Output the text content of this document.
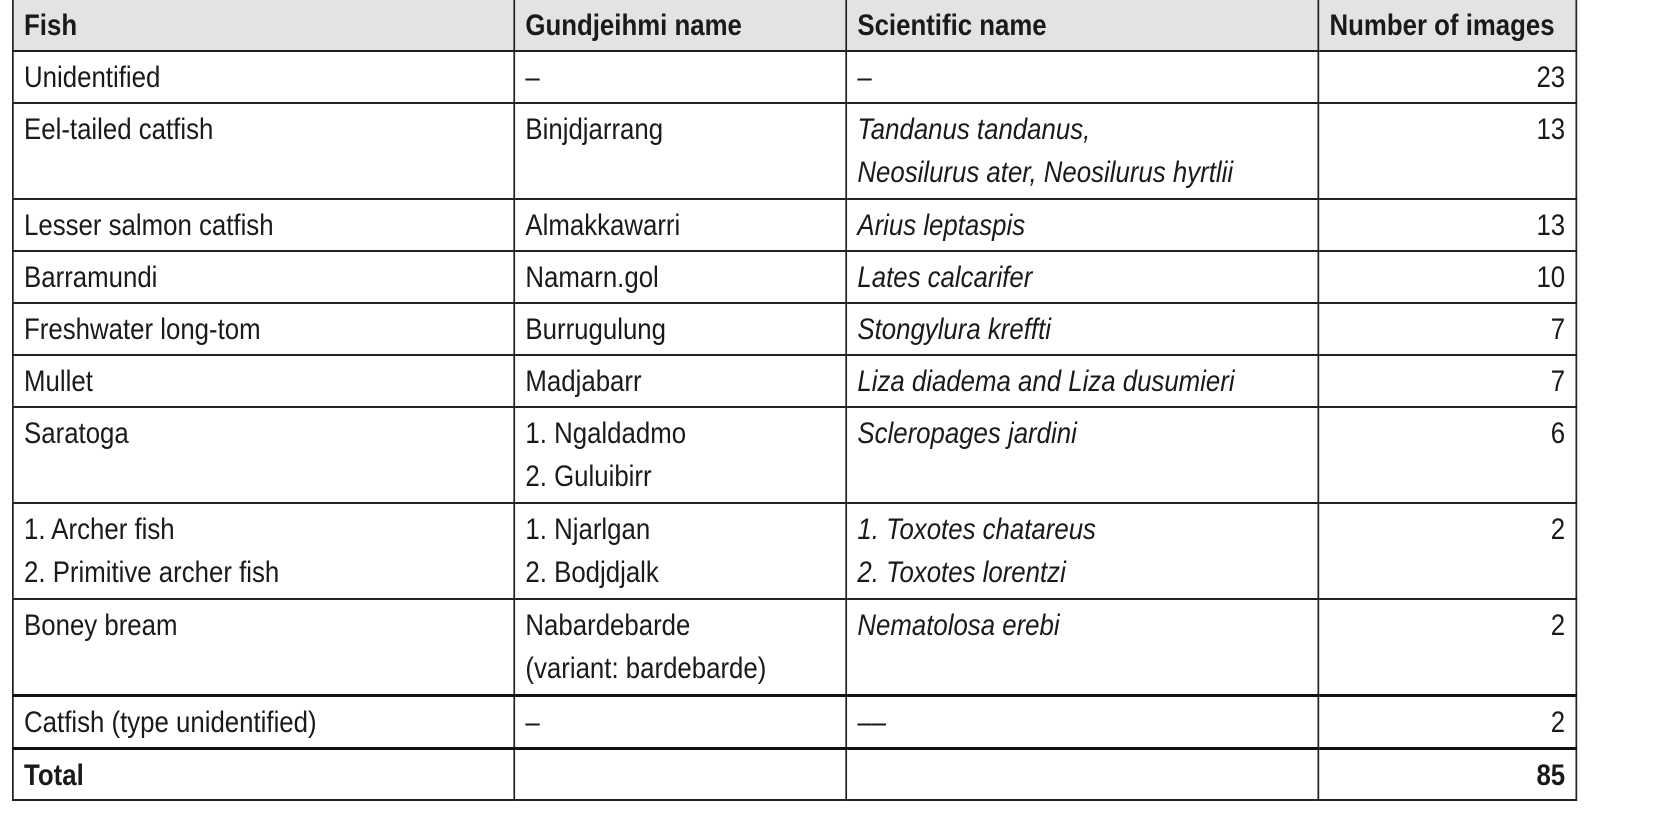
Fish	Gundjeihmi name	Scientific name	Number of images

Unidentified	–	–	23

Eel-tailed catfish	Binjdjarrang	Tandanus tandanus,
Neosilurus ater, Neosilurus hyrtlii	13

Lesser salmon catfish	Almakkawarri	Arius leptaspis	13

Barramundi	Namarn.gol	Lates calcarifer	10

Freshwater long-tom	Burrugulung	Stongylura kreffti	7

Mullet	Madjabarr	Liza diadema and Liza dusumieri	7

Saratoga	1. Ngaldadmo
2. Guluibirr	Scleropages jardini	6

1. Archer fish
2. Primitive archer fish	1. Njarlgan
2. Bodjdjalk	1. Toxotes chatareus
2. Toxotes lorentzi	2

Boney bream	Nabardebarde
(variant: bardebarde)	Nematolosa erebi	2

Catfish (type unidentified)	–	––	2
Total			85
